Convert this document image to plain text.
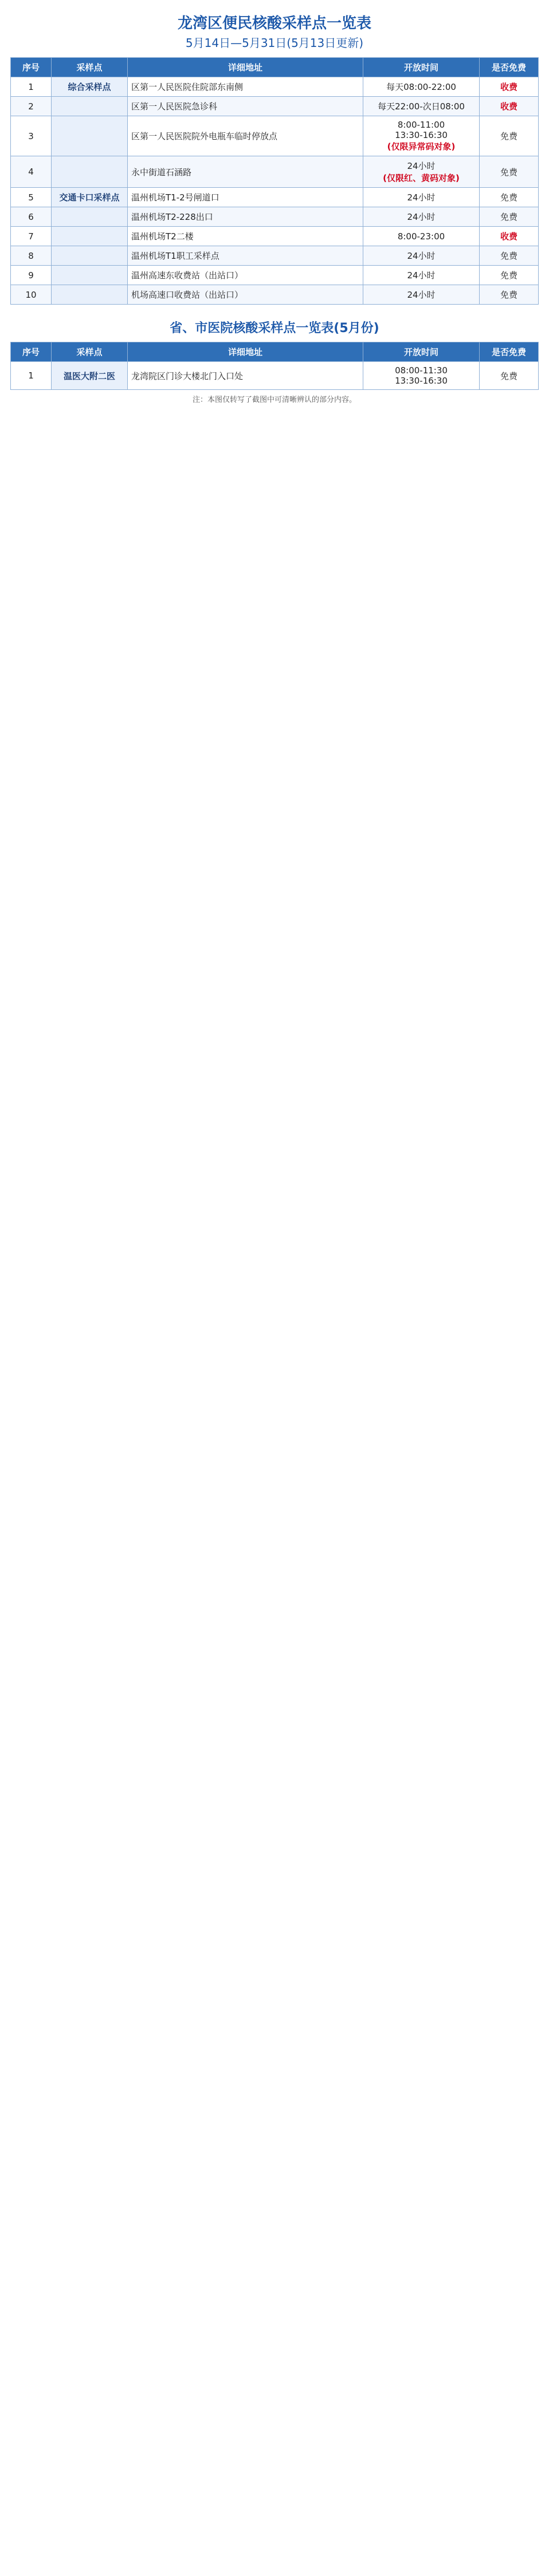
龙湾区便民核酸采样点一览表
5月14日—5月31日(5月13日更新)
序号	采样点	详细地址	开放时间	是否免费
1	综合采样点	区第一人民医院住院部东南侧	每天08:00-22:00	收费
2		区第一人民医院急诊科	每天22:00-次日08:00	收费
3		区第一人民医院院外电瓶车临时停放点	8:00-11:00
13:30-16:30
(仅限异常码对象)	免费
4		永中街道石涵路	24小时
(仅限红、黄码对象)	免费
5	交通卡口采样点	温州机场T1-2号闸道口	24小时	免费
6		温州机场T2-228出口	24小时	免费
7		温州机场T2二楼	8:00-23:00	收费
8		温州机场T1职工采样点	24小时	免费
9		温州高速东收费站（出站口）	24小时	免费
10		机场高速口收费站（出站口）	24小时	免费
省、市医院核酸采样点一览表(5月份)
序号	采样点	详细地址	开放时间	是否免费
1	温医大附二医	龙湾院区门诊大楼北门入口处	08:00-11:30
13:30-16:30	免费
注：本图仅转写了截图中可清晰辨认的部分内容。
